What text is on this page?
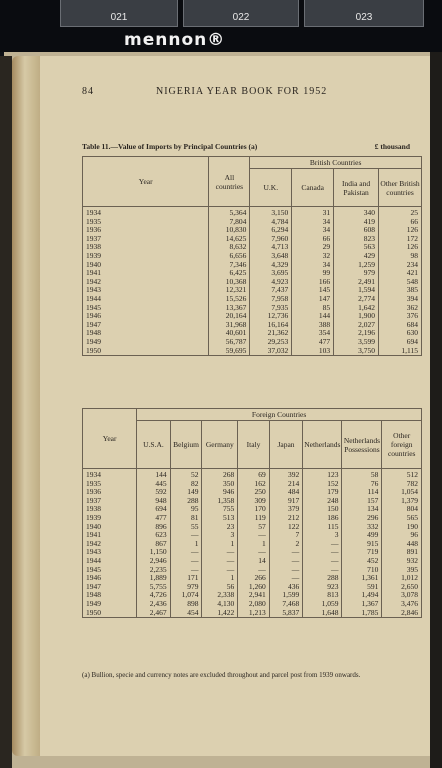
021	022	023
mennon®
84	NIGERIA YEAR BOOK FOR 1952
Table 11.—Value of Imports by Principal Countries (a)	£ thousand
Year	All countries	British Countries			
		U.K.	Canada	India and Pakistan	Other British countries
1934	5,364	3,150	31	340	25
1935	7,804	4,784	34	419	66
1936	10,830	6,294	34	608	126
1937	14,625	7,960	66	823	172
1938	8,632	4,713	29	563	126
1939	6,656	3,648	32	429	98
1940	7,346	4,329	34	1,259	234
1941	6,425	3,695	99	979	421
1942	10,368	4,923	166	2,491	548
1943	12,321	7,437	145	1,594	385
1944	15,526	7,958	147	2,774	394
1945	13,367	7,935	85	1,642	362
1946	20,164	12,736	144	1,900	376
1947	31,968	16,164	388	2,027	684
1948	40,601	21,362	354	2,196	630
1949	56,787	29,253	477	3,599	694
1950	59,695	37,032	103	3,750	1,115
Year	Foreign Countries							
	U.S.A.	Belgium	Germany	Italy	Japan	Netherlands	Netherlands Possessions	Other foreign countries
1934	144	52	268	69	392	123	58	512
1935	445	82	350	162	214	152	76	782
1936	592	149	946	250	484	179	114	1,054
1937	948	288	1,358	309	917	248	157	1,379
1938	694	95	755	170	379	150	134	804
1939	477	81	513	119	212	186	296	565
1940	896	55	23	57	122	115	332	190
1941	623	—	3	—	7	3	499	96
1942	867	1	1	1	2	—	915	448
1943	1,150	—	—	—	—	—	719	891
1944	2,946	—	—	14	—	—	452	932
1945	2,235	—	—	—	—	—	710	395
1946	1,889	171	1	266	—	288	1,361	1,012
1947	5,755	979	56	1,260	436	923	591	2,650
1948	4,726	1,074	2,338	2,941	1,599	813	1,494	3,078
1949	2,436	898	4,130	2,080	7,468	1,059	1,367	3,476
1950	2,467	454	1,422	1,213	5,837	1,648	1,785	2,846
(a) Bullion, specie and currency notes are excluded throughout and parcel post from 1939 onwards.
